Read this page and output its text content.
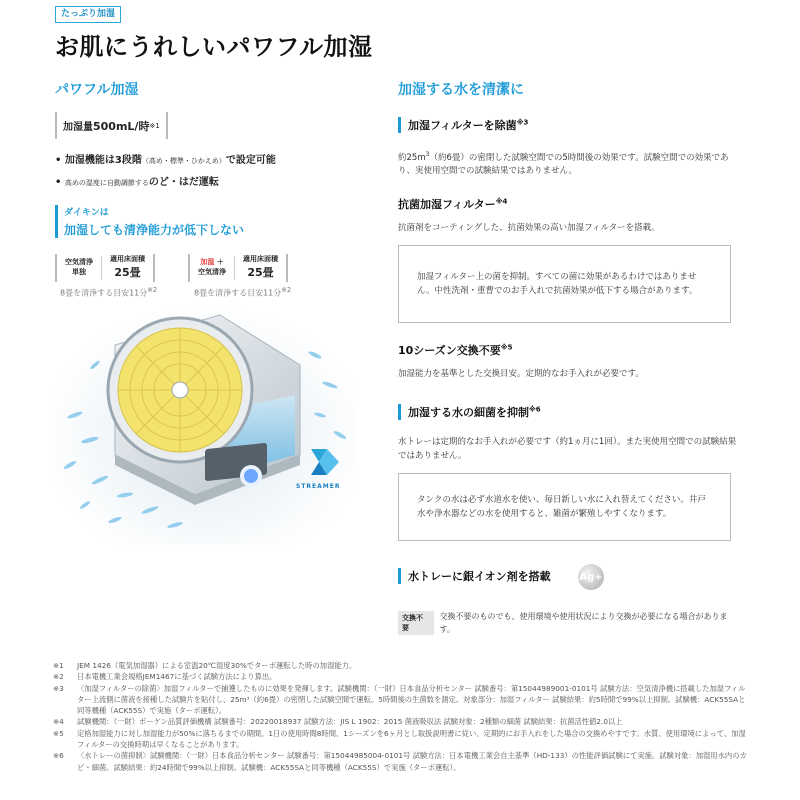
たっぷり加湿
お肌にうれしいパワフル加湿
パワフル加湿
加湿量 500mL/時 ※1
• 加湿機能は3段階（高め・標準・ひかえめ）で設定可能
• 高めの湿度に自動調節するのど・はだ運転
ダイキンは
加湿しても清浄能力が低下しない
空気清浄
単独
適用床面積
25畳
8畳を清浄する目安11分$^{※2}$
加湿 ＋
空気清浄
適用床面積
25畳
8畳を清浄する目安11分$^{※2}$
STREAMER
加湿する水を清潔に
加湿フィルターを除菌$^{※3}$
約$25m^3$（約6畳）の密閉した試験空間での5時間後の効果です。試験空間での効果であり、実使用空間での試験結果ではありません。
抗菌加湿フィルター$^{※4}$
抗菌剤をコーティングした、抗菌効果の高い加湿フィルターを搭載。
加湿フィルター上の菌を抑制。すべての菌に効果があるわけではありません。中性洗剤・重曹でのお手入れで抗菌効果が低下する場合があります。
10シーズン交換不要$^{※5}$
加湿能力を基準とした交換目安。定期的なお手入れが必要です。
加湿する水の細菌を抑制$^{※6}$
水トレーは定期的なお手入れが必要です（約1ヵ月に1回）。また実使用空間での試験結果ではありません。
タンクの水は必ず水道水を使い、毎日新しい水に入れ替えてください。井戸水や浄水器などの水を使用すると、雑菌が繁殖しやすくなります。
水トレーに銀イオン剤を搭載	Ag+
交換不要
交換不要のものでも、使用環境や使用状況により交換が必要になる場合があります。
※1	JEM 1426（電気加湿器）による室温20℃湿度30%でターボ運転した時の加湿能力。
※2	日本電機工業会規格JEM1467に基づく試験方法により算出。
※3	〈加湿フィルターの除菌〉加湿フィルターで捕獲したものに効果を発揮します。試験機関：（一財）日本食品分析センター 試験番号：第15044989001-0101号 試験方法：空気清浄機に搭載した加湿フィルター上流側に菌液を接種した試験片を貼付し、25m³（約6畳）の密閉した試験空間で運転。5時間後の生菌数を測定。対象部分：加湿フィルター 試験結果：約5時間で99%以上抑制。試験機：ACK55SAと同等機種（ACK55S）で実施（ターボ運転）。
※4	試験機関：（一財）ボーケン品質評価機構 試験番号：20220018937 試験方法：JIS L 1902：2015 菌液吸収法 試験対象：2種類の細菌 試験結果：抗菌活性値2.0以上
※5	定格加湿能力に対し加湿能力が50%に落ちるまでの期間。1日の使用時間8時間、1シーズンを6ヶ月とし取扱説明書に従い、定期的にお手入れをした場合の交換めやすです。水質、使用環境によって、加湿フィルターの交換時期は早くなることがあります。
※6	〈水トレーの菌抑制〉試験機関：（一財）日本食品分析センター 試験番号：第15044985004-0101号 試験方法：日本電機工業会自主基準（HD-133）の性能評価試験にて実施。試験対象：加湿用水内のカビ・細菌。試験結果：約24時間で99%以上抑制。試験機：ACK55SAと同等機種（ACK55S）で実施（ターボ運転）。
